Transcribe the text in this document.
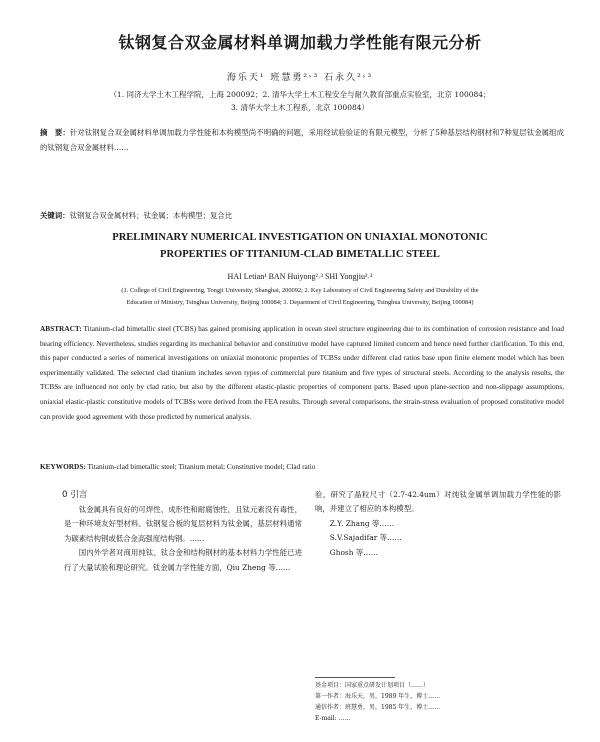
钛钢复合双金属材料单调加载力学性能有限元分析
海乐天¹ 班慧勇²˒³ 石永久²˒³
（1. 同济大学土木工程学院，上海 200092；2. 清华大学土木工程安全与耐久教育部重点实验室，北京 100084；
3. 清华大学土木工程系，北京 100084）
摘　要：针对钛钢复合双金属材料单调加载力学性能和本构模型尚不明确的问题，采用经试验验证的有限元模型，分析了5种基层结构钢材和7种复层钛金属组成的钛钢复合双金属材料……
关键词：钛钢复合双金属材料；钛金属；本构模型；复合比
PRELIMINARY NUMERICAL INVESTIGATION ON UNIAXIAL MONOTONIC
PROPERTIES OF TITANIUM-CLAD BIMETALLIC STEEL
HAI Letian¹ BAN Huiyong²˒³ SHI Yongjiu²˒³
(1. College of Civil Engineering, Tongji University, Shanghai, 200092; 2. Key Laboratory of Civil Engineering Safety and Durability of the
Education of Ministry, Tsinghua University, Beijing 100084; 3. Department of Civil Engineering, Tsinghua University, Beijing 100084)
ABSTRACT: Titanium-clad bimetallic steel (TCBS) has gained promising application in ocean steel structure engineering due to its combination of corrosion resistance and load bearing efficiency. Nevertheless, studies regarding its mechanical behavior and constitutive model have captured limited concern and hence need further clarification. To this end, this paper conducted a series of numerical investigations on uniaxial monotonic properties of TCBSs under different clad ratios base upon finite element model which has been experimentally validated. The selected clad titanium includes seven types of commercial pure titanium and five types of structural steels. According to the analysis results, the TCBSs are influenced not only by clad ratio, but also by the different elastic-plastic properties of component parts. Based upon plane-section and non-slippage assumptions, uniaxial elastic-plastic constitutive models of TCBSs were derived from the FEA results. Through several comparisons, the strain-stress evaluation of proposed constitutive model can provide good agreement with those predicted by numerical analysis.
KEYWORDS: Titanium-clad bimetallic steel; Titanium metal; Constitutive model; Clad ratio
0 引言

钛金属具有良好的可焊性、成形性和耐腐蚀性，且钛元素没有毒性，是一种环境友好型材料。钛钢复合板的复层材料为钛金属，基层材料通常为碳素结构钢或低合金高强度结构钢。……

国内外学者对商用纯钛、钛合金和结构钢材的基本材料力学性能已进行了大量试验和理论研究。钛金属力学性能方面，Qiu Zheng 等……

验，研究了晶粒尺寸（2.7-42.4um）对纯钛金属单调加载力学性能的影响，并建立了相应的本构模型。

Z.Y. Zhang 等……

S.V.Sajadifar 等……

Ghosh 等……

基金项目：国家重点研发计划项目（……）
第一作者：海乐天，男，1989 年生，博士……
通信作者：班慧勇，男，1985 年生，博士……
E-mail: ……
